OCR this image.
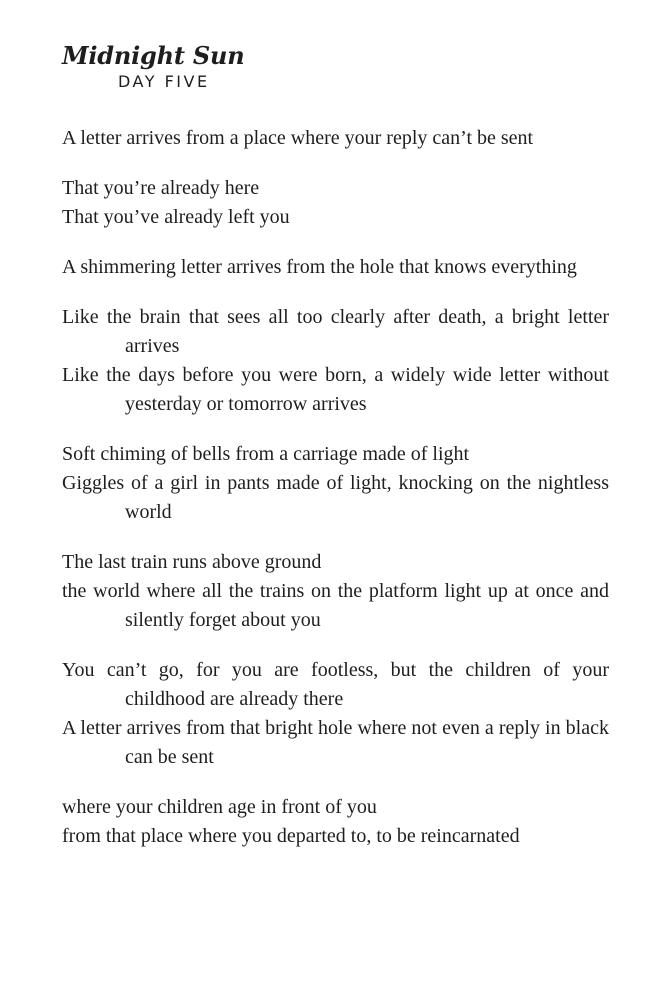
Midnight Sun
DAY FIVE
A letter arrives from a place where your reply can’t be sent
That you’re already here
That you’ve already left you
A shimmering letter arrives from the hole that knows everything
Like the brain that sees all too clearly after death, a bright letter arrives
Like the days before you were born, a widely wide letter without yesterday or tomorrow arrives
Soft chiming of bells from a carriage made of light
Giggles of a girl in pants made of light, knocking on the nightless world
The last train runs above ground
the world where all the trains on the platform light up at once and silently forget about you
You can’t go, for you are footless, but the children of your childhood are already there
A letter arrives from that bright hole where not even a reply in black can be sent
where your children age in front of you
from that place where you departed to, to be reincarnated
